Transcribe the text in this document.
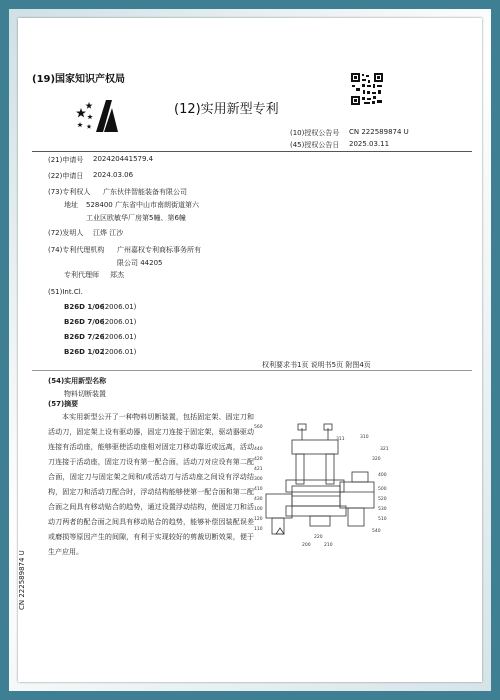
(19)国家知识产权局
(12)实用新型专利
(10)授权公告号 CN 222589874 U
(45)授权公告日 2025.03.11
(21)申请号 202420441579.4
(22)申请日 2024.03.06
(73)专利权人 广东伙伴智能装备有限公司
地址 528400 广东省中山市南朗街道第六
工业区欧敏华厂房第5幢、第6幢
(72)发明人 江烨 江沙
(74)专利代理机构 广州嘉权专利商标事务所有
限公司 44205
专利代理师 郑杰
(51)Int.Cl.
B26D 1/06
(2006.01)
B26D 7/06
(2006.01)
B26D 7/26
(2006.01)
B26D 1/02
(2006.01)
权利要求书1页 说明书5页 附图4页
(54)实用新型名称
物料切断装置
(57)摘要

本实用新型公开了一种物料切断装置，包括固定架、固定刀和活动刀，固定架上设有驱动器，固定刀连接于固定架，驱动器驱动连接有活动座，能够驱使活动座相对固定刀移动靠近或远离，活动刀连接于活动座，固定刀设有第一配合面，活动刀对应设有第二配合面，固定刀与固定架之间和/或活动刀与活动座之间设有浮动结构，固定刀和活动刀配合时，浮动结构能够使第一配合面和第二配合面之间具有移动贴合的趋势，通过设置浮动结构，使固定刀和活动刀两者的配合面之间具有移动贴合的趋势，能够补偿因装配误差或磨损等原因产生的间隙，有利于实现较好的剪裁切断效果，便于生产应用。

560
440
420
421
300
410
430
100
120
110
200
220
210
311	310
320
321
400
500
520
530
510
540
CN 222589874 U
